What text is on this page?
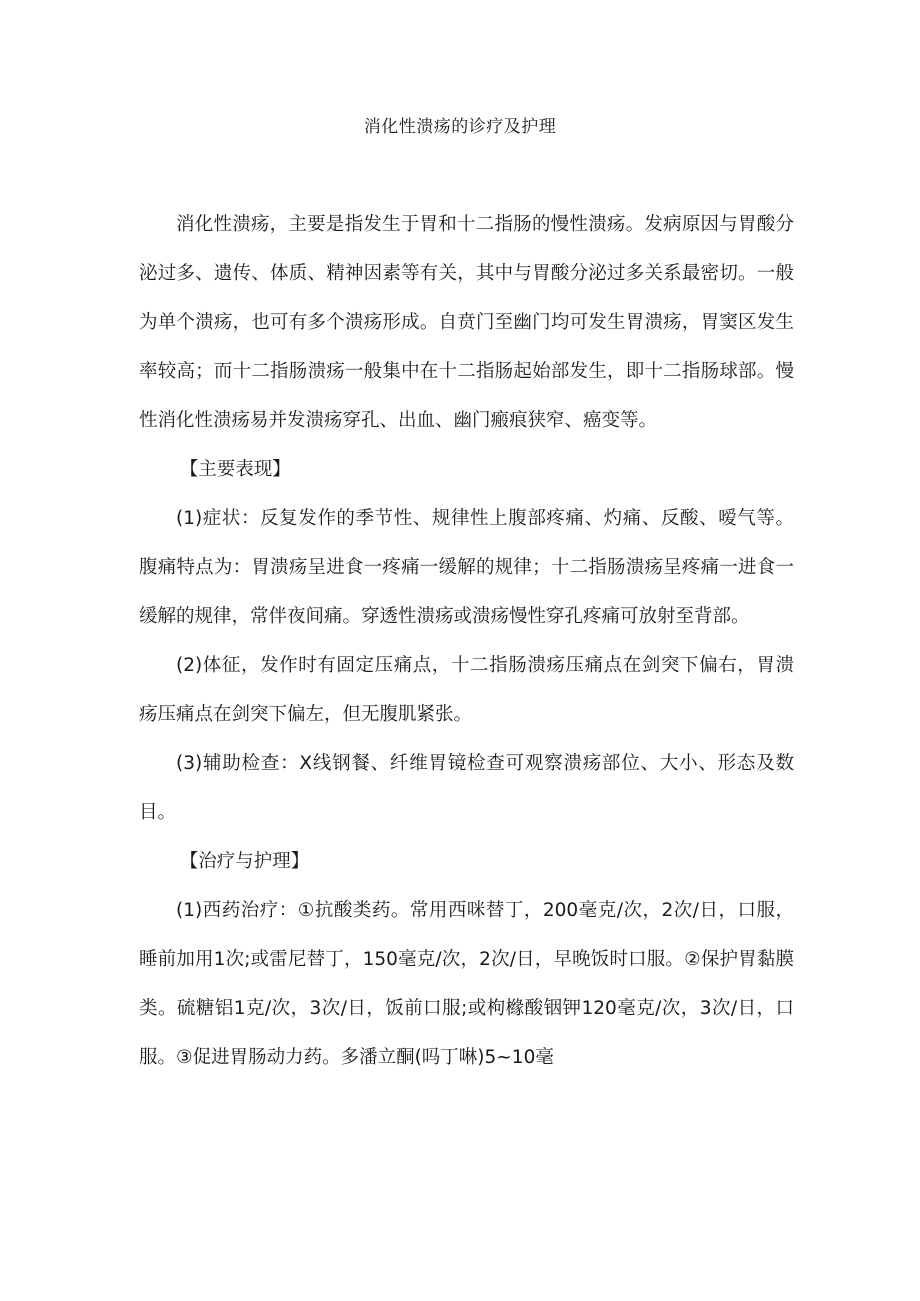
消化性溃疡的诊疗及护理

消化性溃疡，主要是指发生于胃和十二指肠的慢性溃疡。发病原因与胃酸分泌过多、遗传、体质、精神因素等有关，其中与胃酸分泌过多关系最密切。一般为单个溃疡，也可有多个溃疡形成。自贲门至幽门均可发生胃溃疡，胃窦区发生率较高；而十二指肠溃疡一般集中在十二指肠起始部发生，即十二指肠球部。慢性消化性溃疡易并发溃疡穿孔、出血、幽门瘢痕狭窄、癌变等。

【主要表现】

(1)症状：反复发作的季节性、规律性上腹部疼痛、灼痛、反酸、嗳气等。腹痛特点为：胃溃疡呈进食一疼痛一缓解的规律；十二指肠溃疡呈疼痛一进食一缓解的规律，常伴夜间痛。穿透性溃疡或溃疡慢性穿孔疼痛可放射至背部。

(2)体征，发作时有固定压痛点，十二指肠溃疡压痛点在剑突下偏右，胃溃疡压痛点在剑突下偏左，但无腹肌紧张。

(3)辅助检查：X线钢餐、纤维胃镜检查可观察溃疡部位、大小、形态及数目。

【治疗与护理】

(1)西药治疗：①抗酸类药。常用西咪替丁，200毫克/次，2次/日，口服，睡前加用1次;或雷尼替丁，150毫克/次，2次/日，早晚饭时口服。②保护胃黏膜类。硫糖铝1克/次，3次/日，饭前口服;或枸橼酸铟钾120毫克/次，3次/日，口服。③促进胃肠动力药。多潘立酮(吗丁啉)5~10毫
